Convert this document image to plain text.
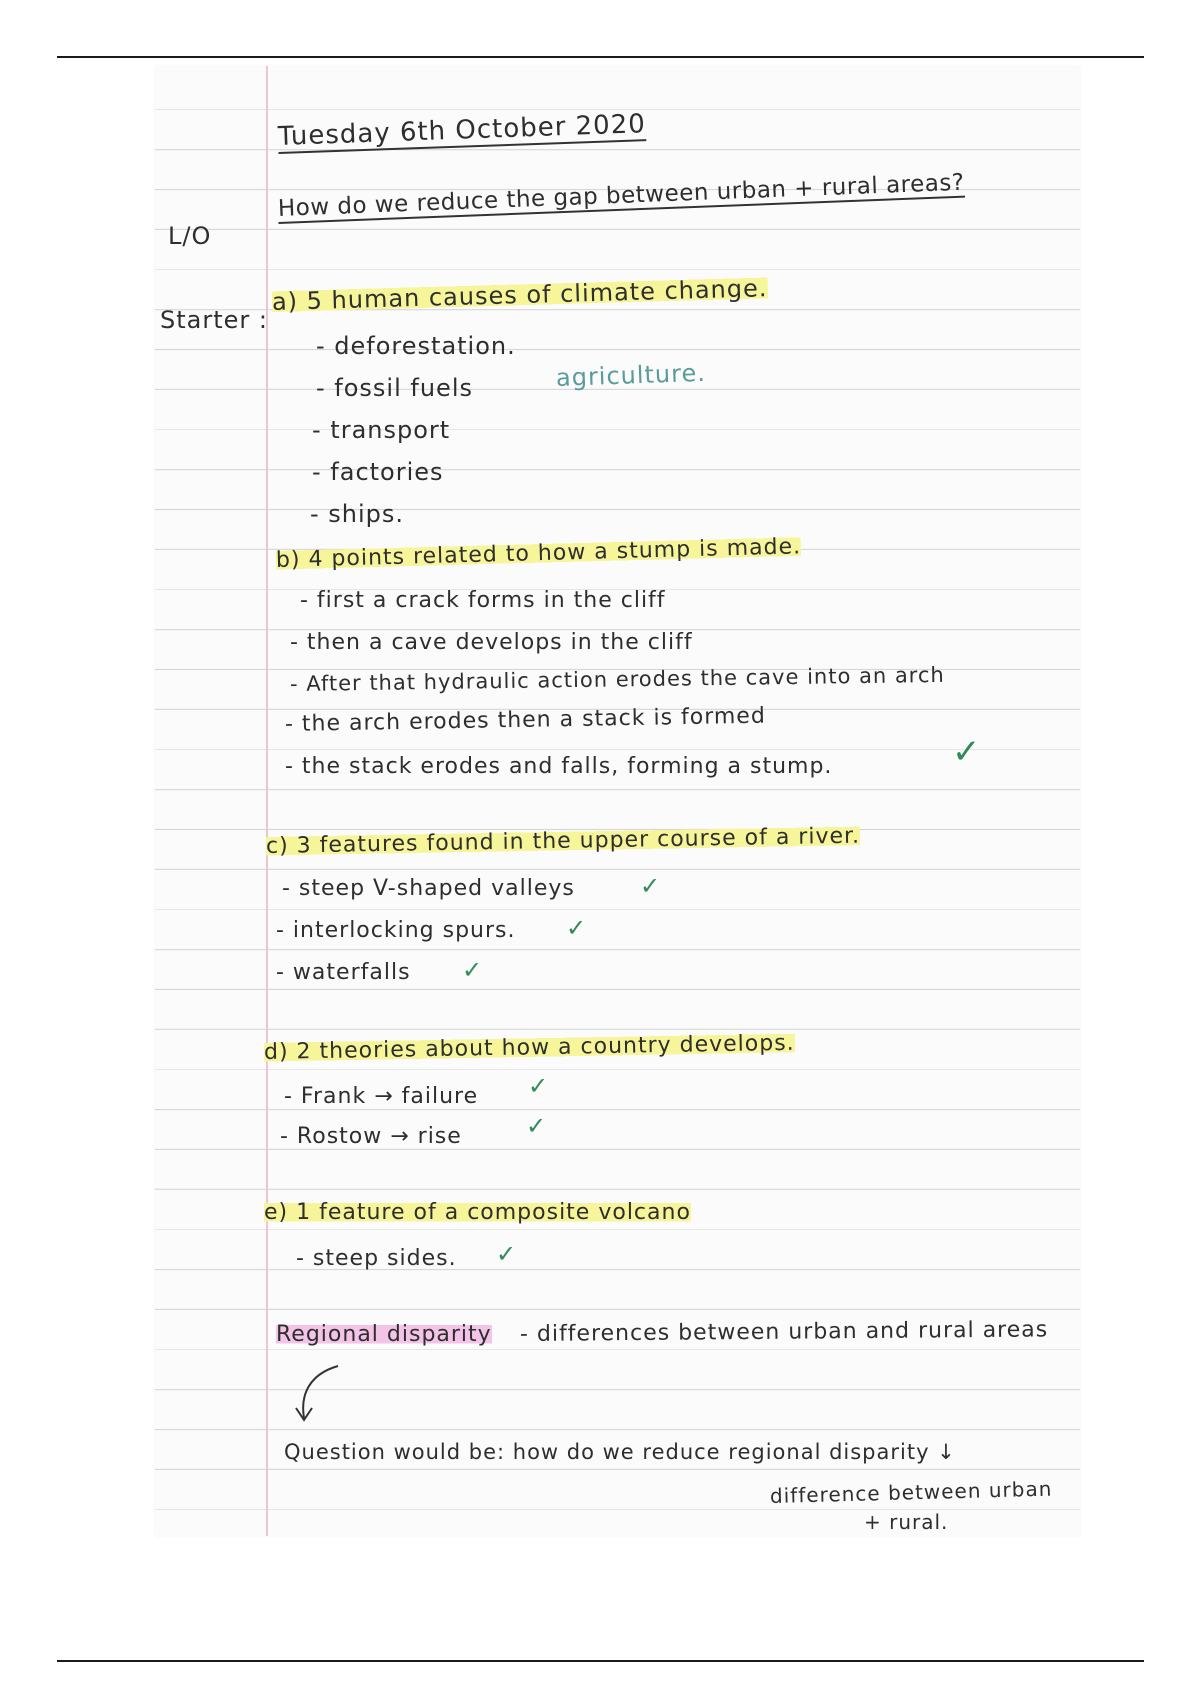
Tuesday 6th October 2020
L/O
How do we reduce the gap between urban + rural areas?
Starter :
a) 5 human causes of climate change.
- deforestation.
- fossil fuels	agriculture.
- transport
- factories
- ships.
b) 4 points related to how a stump is made.
- first a crack forms in the cliff
- then a cave develops in the cliff
- After that hydraulic action erodes the cave into an arch
- the arch erodes then a stack is formed
- the stack erodes and falls, forming a stump.	✓
c) 3 features found in the upper course of a river.
- steep V-shaped valleys	✓
- interlocking spurs. ✓
- waterfalls ✓
d) 2 theories about how a country develops.
- Frank → failure ✓
- Rostow → rise	✓
e) 1 feature of a composite volcano
- steep sides. ✓
Regional disparity - differences between urban and rural areas
Question would be: how do we reduce regional disparity ↓
difference between urban
+ rural.
